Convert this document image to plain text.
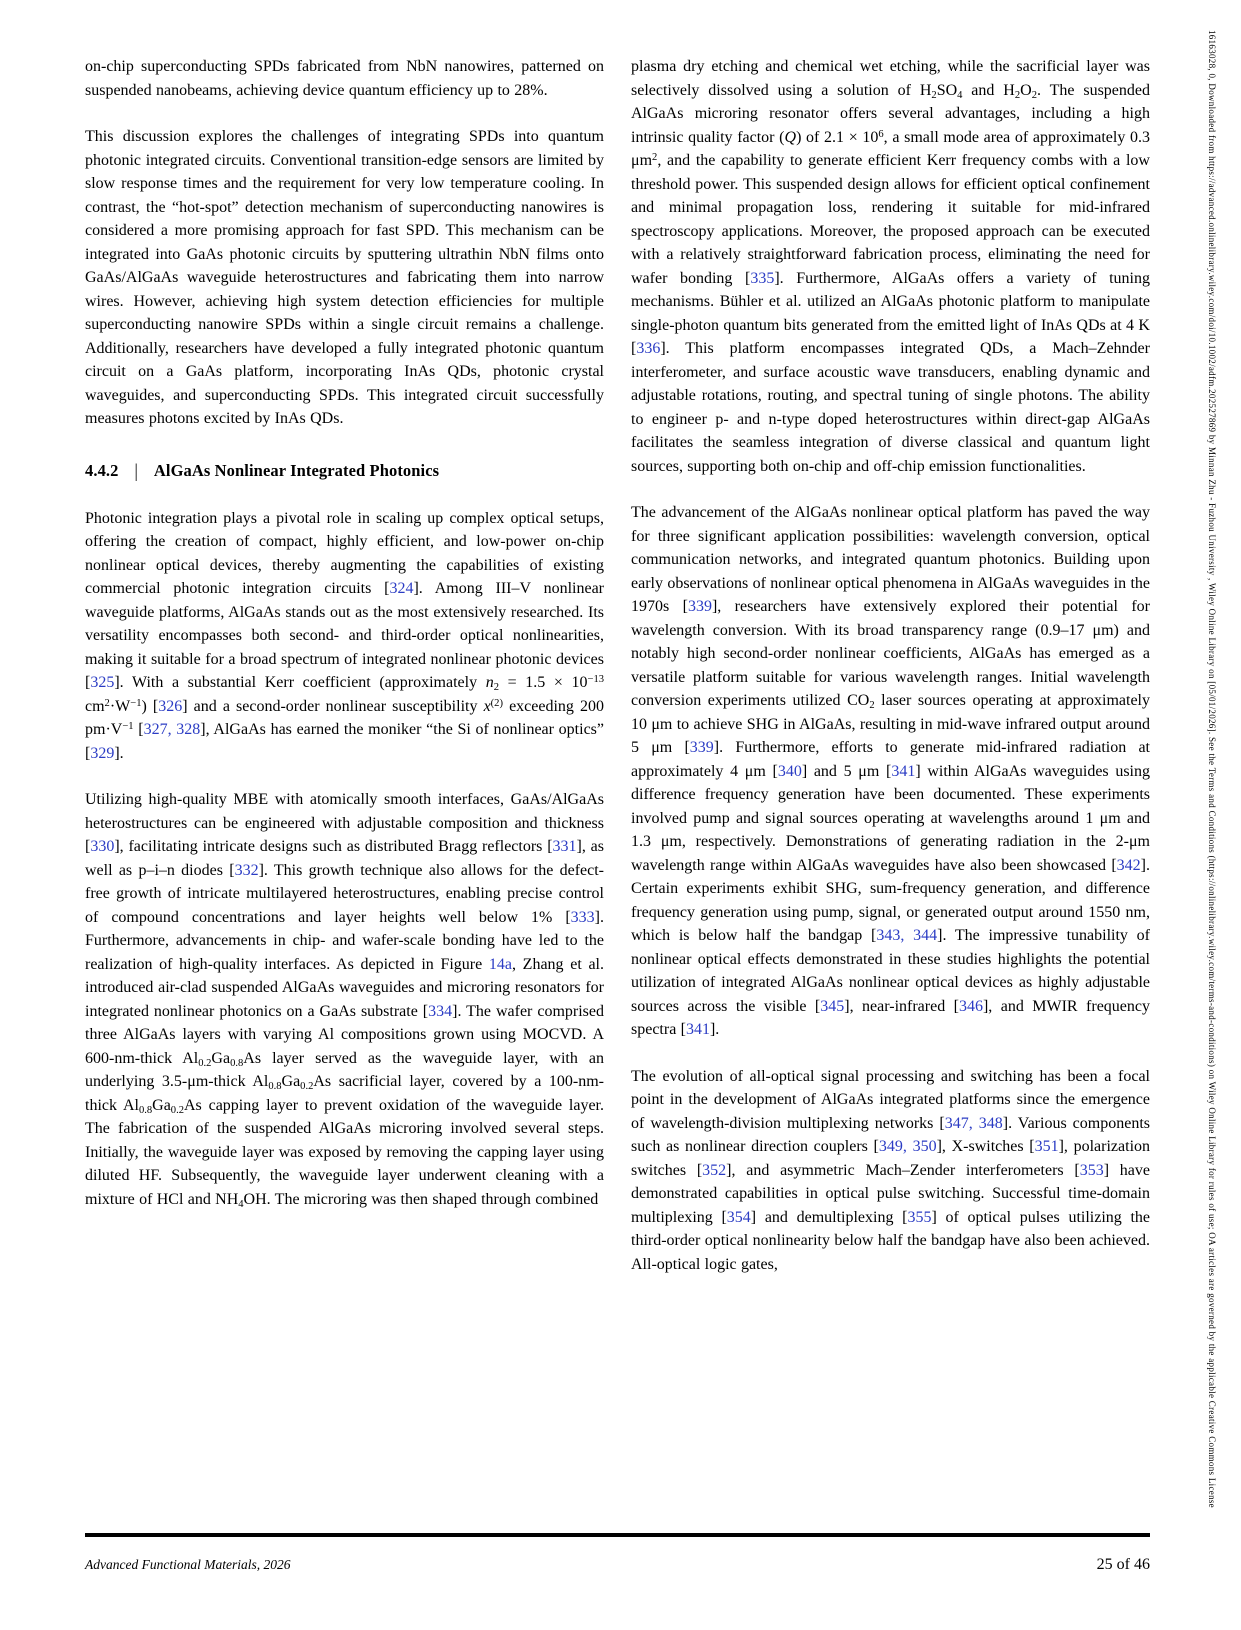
on-chip superconducting SPDs fabricated from NbN nanowires, patterned on suspended nanobeams, achieving device quantum efficiency up to 28%.

This discussion explores the challenges of integrating SPDs into quantum photonic integrated circuits. Conventional transition-edge sensors are limited by slow response times and the requirement for very low temperature cooling. In contrast, the “hot-spot” detection mechanism of superconducting nanowires is considered a more promising approach for fast SPD. This mechanism can be integrated into GaAs photonic circuits by sputtering ultrathin NbN films onto GaAs/AlGaAs waveguide heterostructures and fabricating them into narrow wires. However, achieving high system detection efficiencies for multiple superconducting nanowire SPDs within a single circuit remains a challenge. Additionally, researchers have developed a fully integrated photonic quantum circuit on a GaAs platform, incorporating InAs QDs, photonic crystal waveguides, and superconducting SPDs. This integrated circuit successfully measures photons excited by InAs QDs.

4.4.2 | AlGaAs Nonlinear Integrated Photonics

Photonic integration plays a pivotal role in scaling up complex optical setups, offering the creation of compact, highly efficient, and low-power on-chip nonlinear optical devices, thereby augmenting the capabilities of existing commercial photonic integration circuits [324]. Among III–V nonlinear waveguide platforms, AlGaAs stands out as the most extensively researched. Its versatility encompasses both second- and third-order optical nonlinearities, making it suitable for a broad spectrum of integrated nonlinear photonic devices [325]. With a substantial Kerr coefficient (approximately $n_2 = 1.5 \times 10^{-13}$ $cm^2\cdot W^{-1}$) [326] and a second-order nonlinear susceptibility $x^{(2)}$ exceeding 200 $pm\cdot V^{-1}$ [327, 328], AlGaAs has earned the moniker “the Si of nonlinear optics” [329].

Utilizing high-quality MBE with atomically smooth interfaces, GaAs/AlGaAs heterostructures can be engineered with adjustable composition and thickness [330], facilitating intricate designs such as distributed Bragg reflectors [331], as well as p–i–n diodes [332]. This growth technique also allows for the defect-free growth of intricate multilayered heterostructures, enabling precise control of compound concentrations and layer heights well below 1% [333]. Furthermore, advancements in chip- and wafer-scale bonding have led to the realization of high-quality interfaces. As depicted in Figure 14a, Zhang et al. introduced air-clad suspended AlGaAs waveguides and microring resonators for integrated nonlinear photonics on a GaAs substrate [334]. The wafer comprised three AlGaAs layers with varying Al compositions grown using MOCVD. A 600-nm-thick $Al_{0.2}Ga_{0.8}As$ layer served as the waveguide layer, with an underlying 3.5-μm-thick $Al_{0.8}Ga_{0.2}As$ sacrificial layer, covered by a 100-nm-thick $Al_{0.8}Ga_{0.2}As$ capping layer to prevent oxidation of the waveguide layer. The fabrication of the suspended AlGaAs microring involved several steps. Initially, the waveguide layer was exposed by removing the capping layer using diluted HF. Subsequently, the waveguide layer underwent cleaning with a mixture of HCl and $NH_4OH$. The microring was then shaped through combined

plasma dry etching and chemical wet etching, while the sacrificial layer was selectively dissolved using a solution of $H_2SO_4$ and $H_2O_2$. The suspended AlGaAs microring resonator offers several advantages, including a high intrinsic quality factor (Q) of $2.1 \times 10^6$, a small mode area of approximately 0.3 $\mu m^2$, and the capability to generate efficient Kerr frequency combs with a low threshold power. This suspended design allows for efficient optical confinement and minimal propagation loss, rendering it suitable for mid-infrared spectroscopy applications. Moreover, the proposed approach can be executed with a relatively straightforward fabrication process, eliminating the need for wafer bonding [335]. Furthermore, AlGaAs offers a variety of tuning mechanisms. Bühler et al. utilized an AlGaAs photonic platform to manipulate single-photon quantum bits generated from the emitted light of InAs QDs at 4 K [336]. This platform encompasses integrated QDs, a Mach–Zehnder interferometer, and surface acoustic wave transducers, enabling dynamic and adjustable rotations, routing, and spectral tuning of single photons. The ability to engineer p- and n-type doped heterostructures within direct-gap AlGaAs facilitates the seamless integration of diverse classical and quantum light sources, supporting both on-chip and off-chip emission functionalities.

The advancement of the AlGaAs nonlinear optical platform has paved the way for three significant application possibilities: wavelength conversion, optical communication networks, and integrated quantum photonics. Building upon early observations of nonlinear optical phenomena in AlGaAs waveguides in the 1970s [339], researchers have extensively explored their potential for wavelength conversion. With its broad transparency range (0.9–17 μm) and notably high second-order nonlinear coefficients, AlGaAs has emerged as a versatile platform suitable for various wavelength ranges. Initial wavelength conversion experiments utilized $CO_2$ laser sources operating at approximately 10 μm to achieve SHG in AlGaAs, resulting in mid-wave infrared output around 5 μm [339]. Furthermore, efforts to generate mid-infrared radiation at approximately 4 μm [340] and 5 μm [341] within AlGaAs waveguides using difference frequency generation have been documented. These experiments involved pump and signal sources operating at wavelengths around 1 μm and 1.3 μm, respectively. Demonstrations of generating radiation in the 2-μm wavelength range within AlGaAs waveguides have also been showcased [342]. Certain experiments exhibit SHG, sum-frequency generation, and difference frequency generation using pump, signal, or generated output around 1550 nm, which is below half the bandgap [343, 344]. The impressive tunability of nonlinear optical effects demonstrated in these studies highlights the potential utilization of integrated AlGaAs nonlinear optical devices as highly adjustable sources across the visible [345], near-infrared [346], and MWIR frequency spectra [341].

The evolution of all-optical signal processing and switching has been a focal point in the development of AlGaAs integrated platforms since the emergence of wavelength-division multiplexing networks [347, 348]. Various components such as nonlinear direction couplers [349, 350], X-switches [351], polarization switches [352], and asymmetric Mach–Zender interferometers [353] have demonstrated capabilities in optical pulse switching. Successful time-domain multiplexing [354] and demultiplexing [355] of optical pulses utilizing the third-order optical nonlinearity below half the bandgap have also been achieved. All-optical logic gates,

Advanced Functional Materials, 2026	25 of 46
16163028, 0, Downloaded from https://advanced.onlinelibrary.wiley.com/doi/10.1002/adfm.202527869 by Minnan Zhu - Fuzhou University , Wiley Online Library on [05/01/2026]. See the Terms and Conditions (https://onlinelibrary.wiley.com/terms-and-conditions) on Wiley Online Library for rules of use; OA articles are governed by the applicable Creative Commons License
